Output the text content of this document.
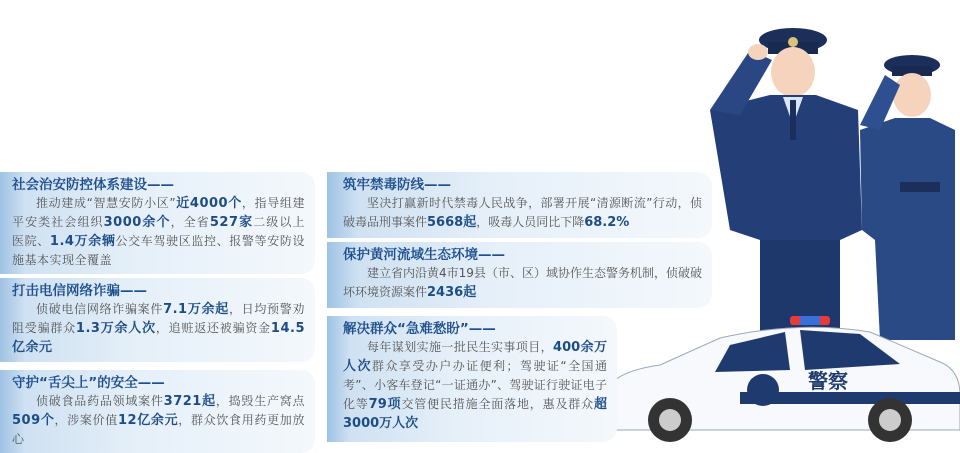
社会治安防控体系建设——

推动建成“智慧安防小区”近4000个，指导组建平安类社会组织3000余个，全省527家二级以上医院、1.4万余辆公交车驾驶区监控、报警等安防设施基本实现全覆盖

打击电信网络诈骗——

侦破电信网络诈骗案件7.1万余起，日均预警劝阻受骗群众1.3万余人次，追赃返还被骗资金14.5亿余元

守护“舌尖上”的安全——

侦破食品药品领域案件3721起，捣毁生产窝点509个，涉案价值12亿余元，群众饮食用药更加放心

筑牢禁毒防线——

坚决打赢新时代禁毒人民战争，部署开展“清源断流”行动，侦破毒品刑事案件5668起，吸毒人员同比下降68.2%

保护黄河流域生态环境——

建立省内沿黄4市19县（市、区）域协作生态警务机制，侦破破坏环境资源案件2436起

解决群众“急难愁盼”——

每年谋划实施一批民生实事项目，400余万人次群众享受办户办证便利；驾驶证“全国通考”、小客车登记“一证通办”、驾驶证行驶证电子化等79项交管便民措施全面落地，惠及群众超3000万人次

警察
